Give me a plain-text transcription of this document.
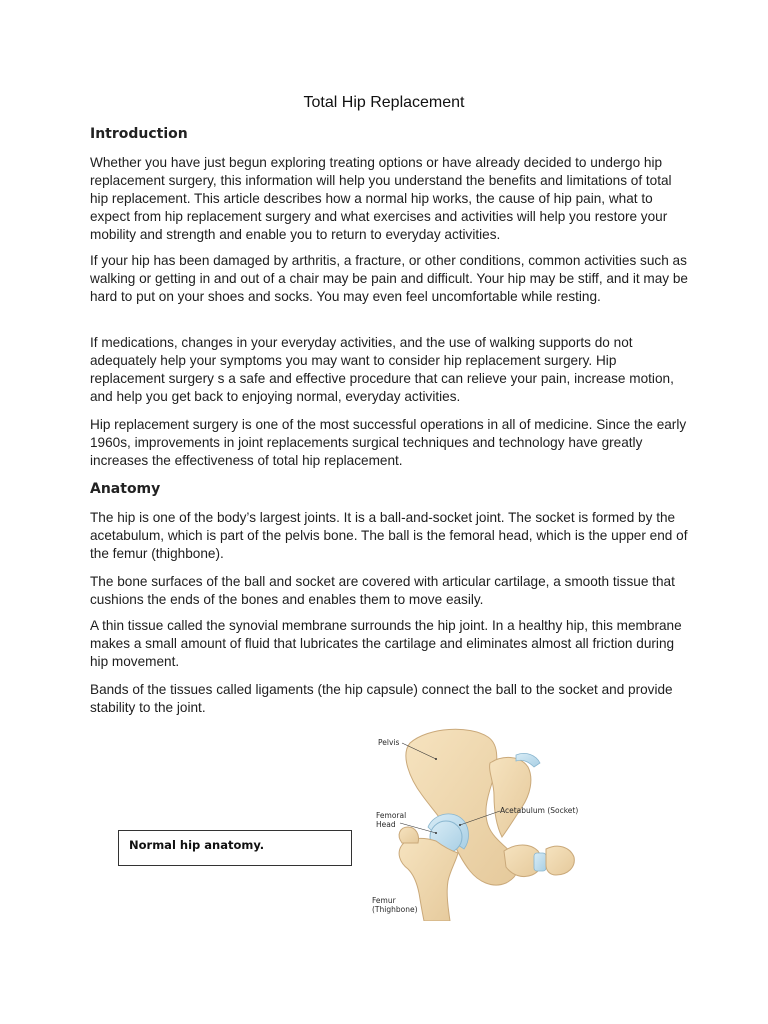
Total Hip Replacement
Introduction

Whether you have just begun exploring treating options or have already decided to undergo hip replacement surgery, this information will help you understand the benefits and limitations of total hip replacement. This article describes how a normal hip works, the cause of hip pain, what to expect from hip replacement surgery and what exercises and activities will help you restore your mobility and strength and enable you to return to everyday activities.

If your hip has been damaged by arthritis, a fracture, or other conditions, common activities such as walking or getting in and out of a chair may be pain and difficult. Your hip may be stiff, and it may be hard to put on your shoes and socks. You may even feel uncomfortable while resting.

If medications, changes in your everyday activities, and the use of walking supports do not adequately help your symptoms you may want to consider hip replacement surgery. Hip replacement surgery s a safe and effective procedure that can relieve your pain, increase motion, and help you get back to enjoying normal, everyday activities.

Hip replacement surgery is one of the most successful operations in all of medicine. Since the early 1960s, improvements in joint replacements surgical techniques and technology have greatly increases the effectiveness of total hip replacement.

Anatomy

The hip is one of the body’s largest joints. It is a ball-and-socket joint. The socket is formed by the acetabulum, which is part of the pelvis bone. The ball is the femoral head, which is the upper end of the femur (thighbone).

The bone surfaces of the ball and socket are covered with articular cartilage, a smooth tissue that cushions the ends of the bones and enables them to move easily.

A thin tissue called the synovial membrane surrounds the hip joint. In a healthy hip, this membrane makes a small amount of fluid that lubricates the cartilage and eliminates almost all friction during hip movement.

Bands of the tissues called ligaments (the hip capsule) connect the ball to the socket and provide stability to the joint.

Normal hip anatomy.
Pelvis
Femoral
Head
Acetabulum (Socket)
Femur
(Thighbone)
